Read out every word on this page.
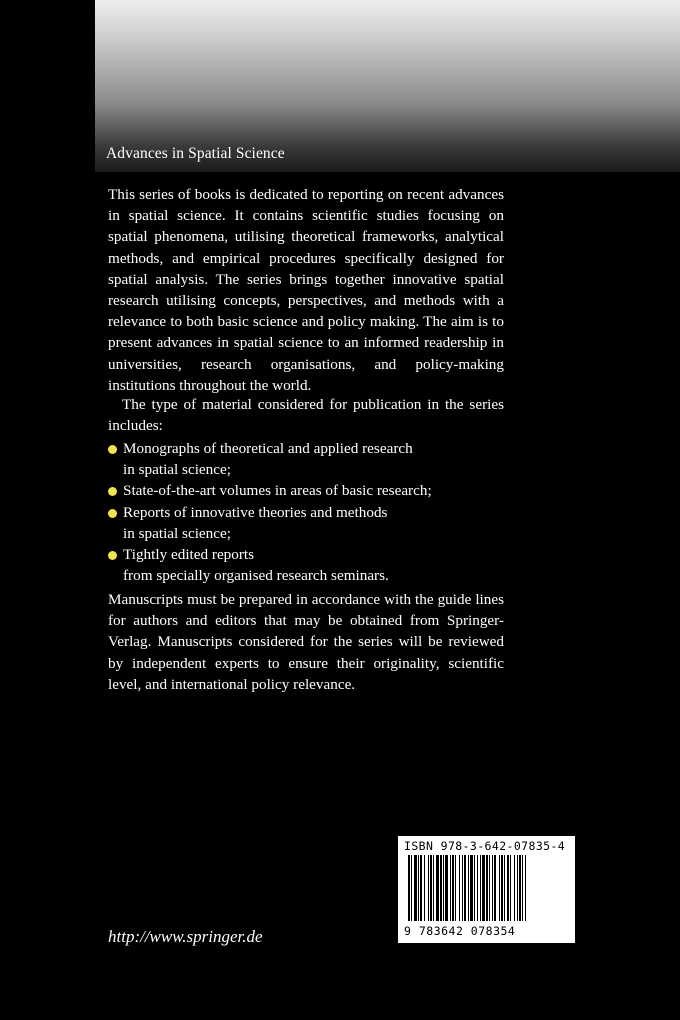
Advances in Spatial Science

This series of books is dedicated to reporting on recent advances in spatial science. It contains scientific studies focusing on spatial phenomena, utilising theoretical frameworks, analytical methods, and empirical procedures specifically designed for spatial analysis. The series brings together innovative spatial research utilising concepts, perspectives, and methods with a relevance to both basic science and policy making. The aim is to present advances in spatial science to an informed readership in universities, research organisations, and policy-making institutions throughout the world.

The type of material considered for publication in the series includes:

Monographs of theoretical and applied research
in spatial science;
State-of-the-art volumes in areas of basic research;
Reports of innovative theories and methods
in spatial science;
Tightly edited reports
from specially organised research seminars.

Manuscripts must be prepared in accordance with the guide lines for authors and editors that may be obtained from Springer-Verlag. Manuscripts considered for the series will be reviewed by independent experts to ensure their originality, scientific level, and international policy relevance.

ISBN 978-3-642-07835-4
9 783642 078354
http://www.springer.de
